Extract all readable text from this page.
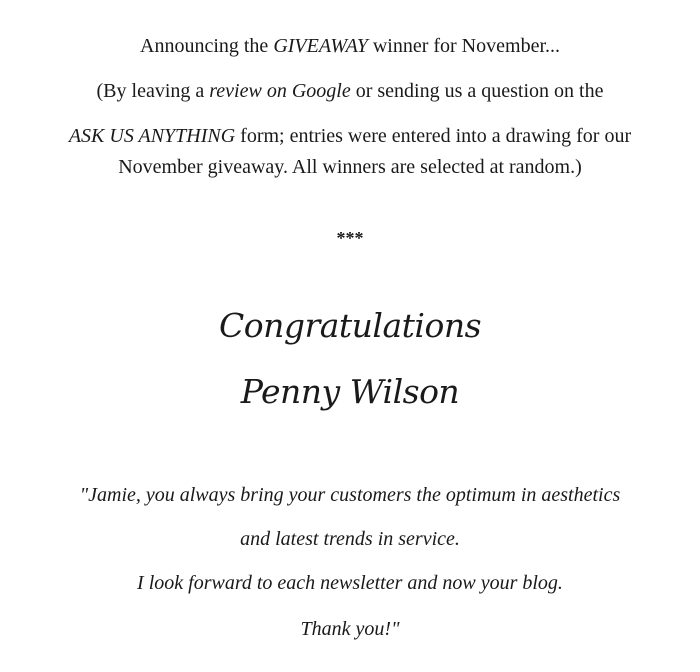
Announcing the GIVEAWAY winner for November...
(By leaving a review on Google or sending us a question on the
ASK US ANYTHING form; entries were entered into a drawing for our
November giveaway. All winners are selected at random.)
***
Congratulations
Penny Wilson
"Jamie, you always bring your customers the optimum in aesthetics
and latest trends in service.
I look forward to each newsletter and now your blog.
Thank you!"
